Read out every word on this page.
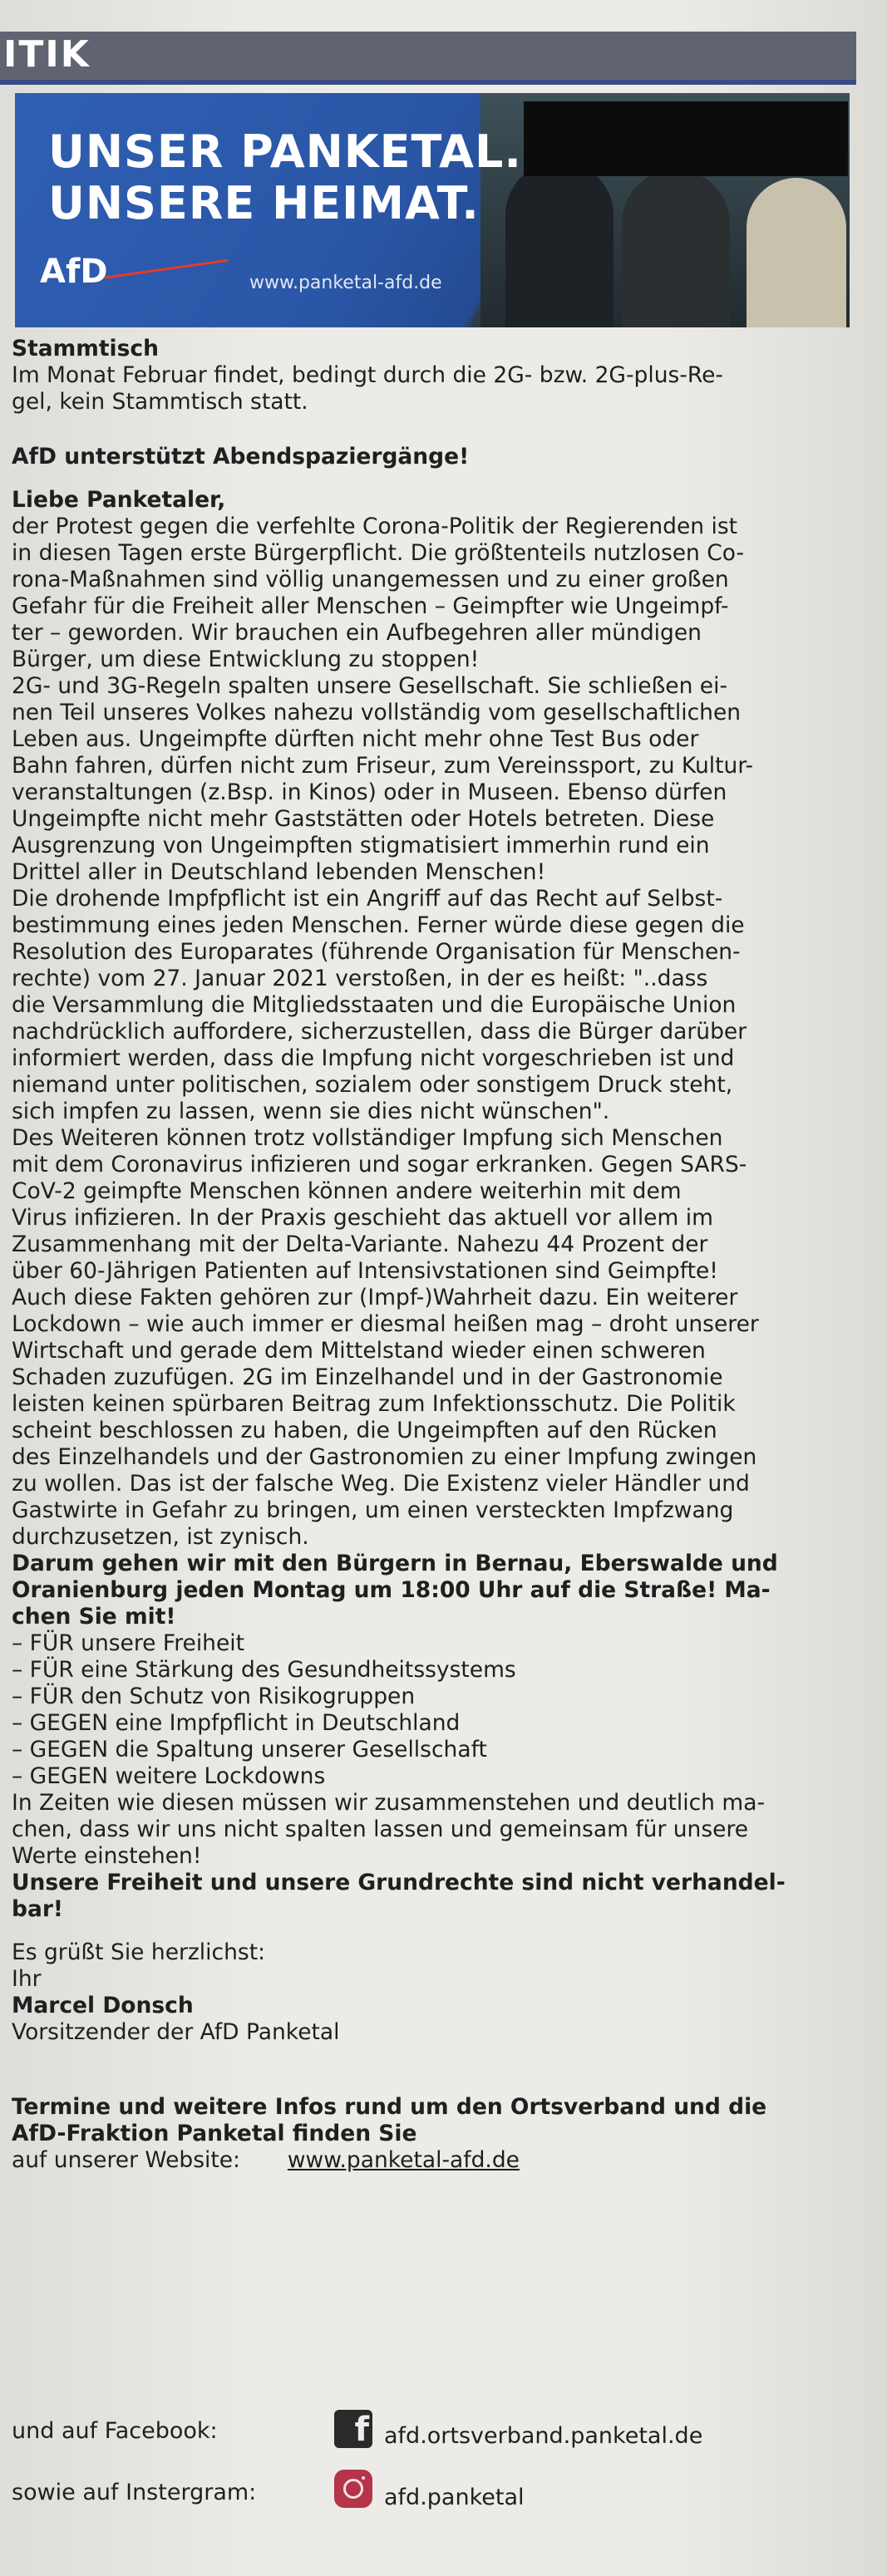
ITIK
UNSER PANKETAL.
UNSERE HEIMAT.
AfD	www.panketal-afd.de

Stammtisch

Im Monat Februar findet, bedingt durch die 2G- bzw. 2G-plus-Re-

gel, kein Stammtisch statt.

AfD unterstützt Abendspaziergänge!

Liebe Panketaler,

der Protest gegen die verfehlte Corona-Politik der Regierenden ist

in diesen Tagen erste Bürgerpflicht. Die größtenteils nutzlosen Co-

rona-Maßnahmen sind völlig unangemessen und zu einer großen

Gefahr für die Freiheit aller Menschen – Geimpfter wie Ungeimpf-

ter – geworden. Wir brauchen ein Aufbegehren aller mündigen

Bürger, um diese Entwicklung zu stoppen!

2G- und 3G-Regeln spalten unsere Gesellschaft. Sie schließen ei-

nen Teil unseres Volkes nahezu vollständig vom gesellschaftlichen

Leben aus. Ungeimpfte dürften nicht mehr ohne Test Bus oder

Bahn fahren, dürfen nicht zum Friseur, zum Vereinssport, zu Kultur-

veranstaltungen (z.Bsp. in Kinos) oder in Museen. Ebenso dürfen

Ungeimpfte nicht mehr Gaststätten oder Hotels betreten. Diese

Ausgrenzung von Ungeimpften stigmatisiert immerhin rund ein

Drittel aller in Deutschland lebenden Menschen!

Die drohende Impfpflicht ist ein Angriff auf das Recht auf Selbst-

bestimmung eines jeden Menschen. Ferner würde diese gegen die

Resolution des Europarates (führende Organisation für Menschen-

rechte) vom 27. Januar 2021 verstoßen, in der es heißt: "..dass

die Versammlung die Mitgliedsstaaten und die Europäische Union

nachdrücklich auffordere, sicherzustellen, dass die Bürger darüber

informiert werden, dass die Impfung nicht vorgeschrieben ist und

niemand unter politischen, sozialem oder sonstigem Druck steht,

sich impfen zu lassen, wenn sie dies nicht wünschen".

Des Weiteren können trotz vollständiger Impfung sich Menschen

mit dem Coronavirus infizieren und sogar erkranken. Gegen SARS-

CoV-2 geimpfte Menschen können andere weiterhin mit dem

Virus infizieren. In der Praxis geschieht das aktuell vor allem im

Zusammenhang mit der Delta-Variante. Nahezu 44 Prozent der

über 60-Jährigen Patienten auf Intensivstationen sind Geimpfte!

Auch diese Fakten gehören zur (Impf-)Wahrheit dazu. Ein weiterer

Lockdown – wie auch immer er diesmal heißen mag – droht unserer

Wirtschaft und gerade dem Mittelstand wieder einen schweren

Schaden zuzufügen. 2G im Einzelhandel und in der Gastronomie

leisten keinen spürbaren Beitrag zum Infektionsschutz. Die Politik

scheint beschlossen zu haben, die Ungeimpften auf den Rücken

des Einzelhandels und der Gastronomien zu einer Impfung zwingen

zu wollen. Das ist der falsche Weg. Die Existenz vieler Händler und

Gastwirte in Gefahr zu bringen, um einen versteckten Impfzwang

durchzusetzen, ist zynisch.

Darum gehen wir mit den Bürgern in Bernau, Eberswalde und

Oranienburg jeden Montag um 18:00 Uhr auf die Straße! Ma-

chen Sie mit!

– FÜR unsere Freiheit

– FÜR eine Stärkung des Gesundheitssystems

– FÜR den Schutz von Risikogruppen

– GEGEN eine Impfpflicht in Deutschland

– GEGEN die Spaltung unserer Gesellschaft

– GEGEN weitere Lockdowns

In Zeiten wie diesen müssen wir zusammenstehen und deutlich ma-

chen, dass wir uns nicht spalten lassen und gemeinsam für unsere

Werte einstehen!

Unsere Freiheit und unsere Grundrechte sind nicht verhandel-

bar!

Es grüßt Sie herzlichst:

Ihr

Marcel Donsch

Vorsitzender der AfD Panketal

Termine und weitere Infos rund um den Ortsverband und die

AfD-Fraktion Panketal finden Sie

auf unserer Website: www.panketal-afd.de

und auf Facebook:	f afd.ortsverband.panketal.de
sowie auf Instergram:	afd.panketal
